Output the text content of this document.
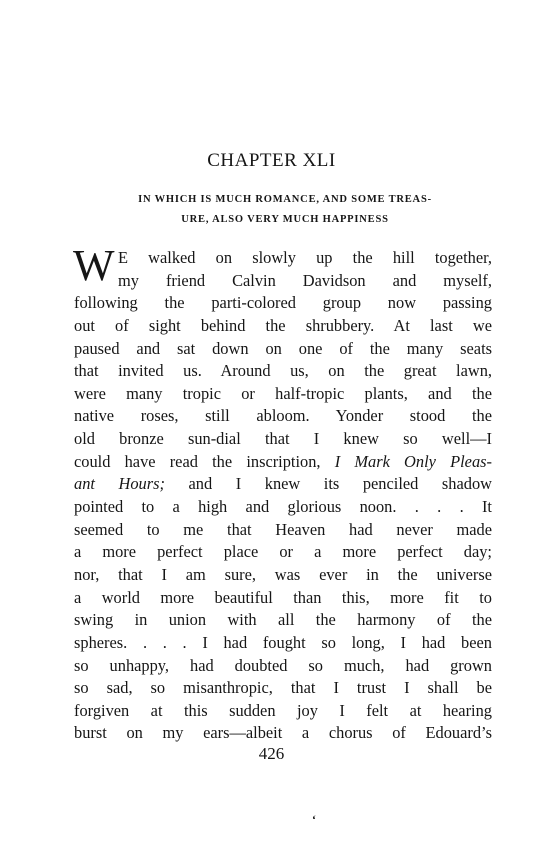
CHAPTER XLI
IN WHICH IS MUCH ROMANCE, AND SOME TREAS-
URE, ALSO VERY MUCH HAPPINESS
W E walked on slowly up the hill together,
my friend Calvin Davidson and myself,
following the parti-colored group now passing
out of sight behind the shrubbery. At last we
paused and sat down on one of the many seats
that invited us. Around us, on the great lawn,
were many tropic or half-tropic plants, and the
native roses, still abloom. Yonder stood the
old bronze sun-dial that I knew so well—I
could have read the inscription, I Mark Only Pleas-
ant Hours; and I knew its penciled shadow
pointed to a high and glorious noon. . . . It
seemed to me that Heaven had never made
a more perfect place or a more perfect day;
nor, that I am sure, was ever in the universe
a world more beautiful than this, more fit to
swing in union with all the harmony of the
spheres. . . . I had fought so long, I had been
so unhappy, had doubted so much, had grown
so sad, so misanthropic, that I trust I shall be
forgiven at this sudden joy I felt at hearing
burst on my ears—albeit a chorus of Edouard’s
426
‘
